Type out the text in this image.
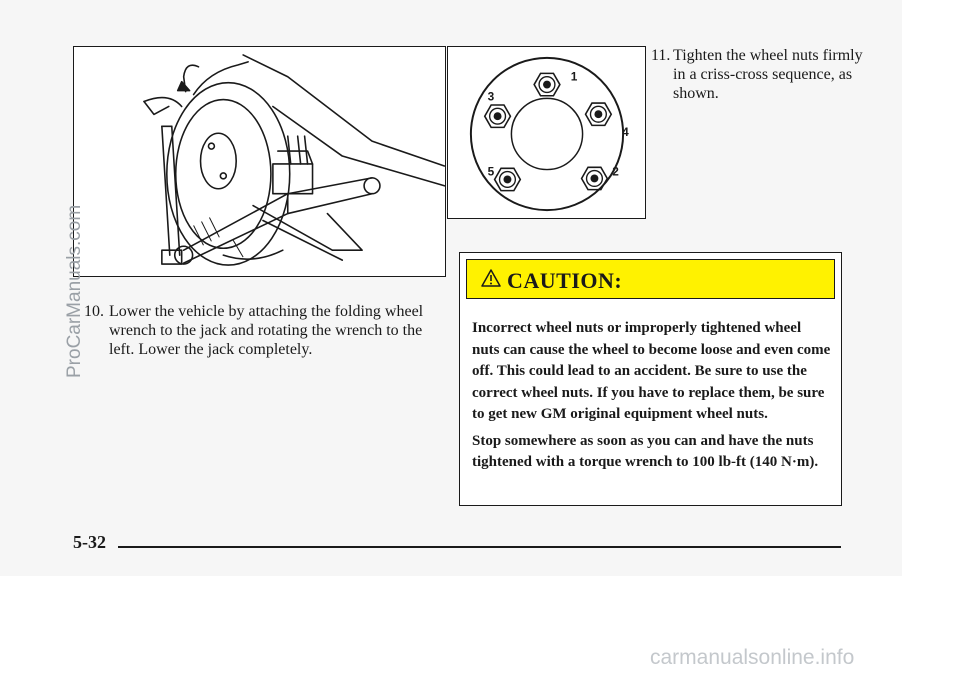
1
2
3
4
5
11. Tighten the wheel nuts firmly in a criss-cross sequence, as shown.
10. Lower the vehicle by attaching the folding wheel wrench to the jack and rotating the wrench to the left. Lower the jack completely.
CAUTION:

Incorrect wheel nuts or improperly tightened wheel nuts can cause the wheel to become loose and even come off. This could lead to an accident. Be sure to use the correct wheel nuts. If you have to replace them, be sure to get new GM original equipment wheel nuts.

Stop somewhere as soon as you can and have the nuts tightened with a torque wrench to 100 lb-ft (140 N·m).

5-32
ProCarManuals.com
carmanualsonline.info
